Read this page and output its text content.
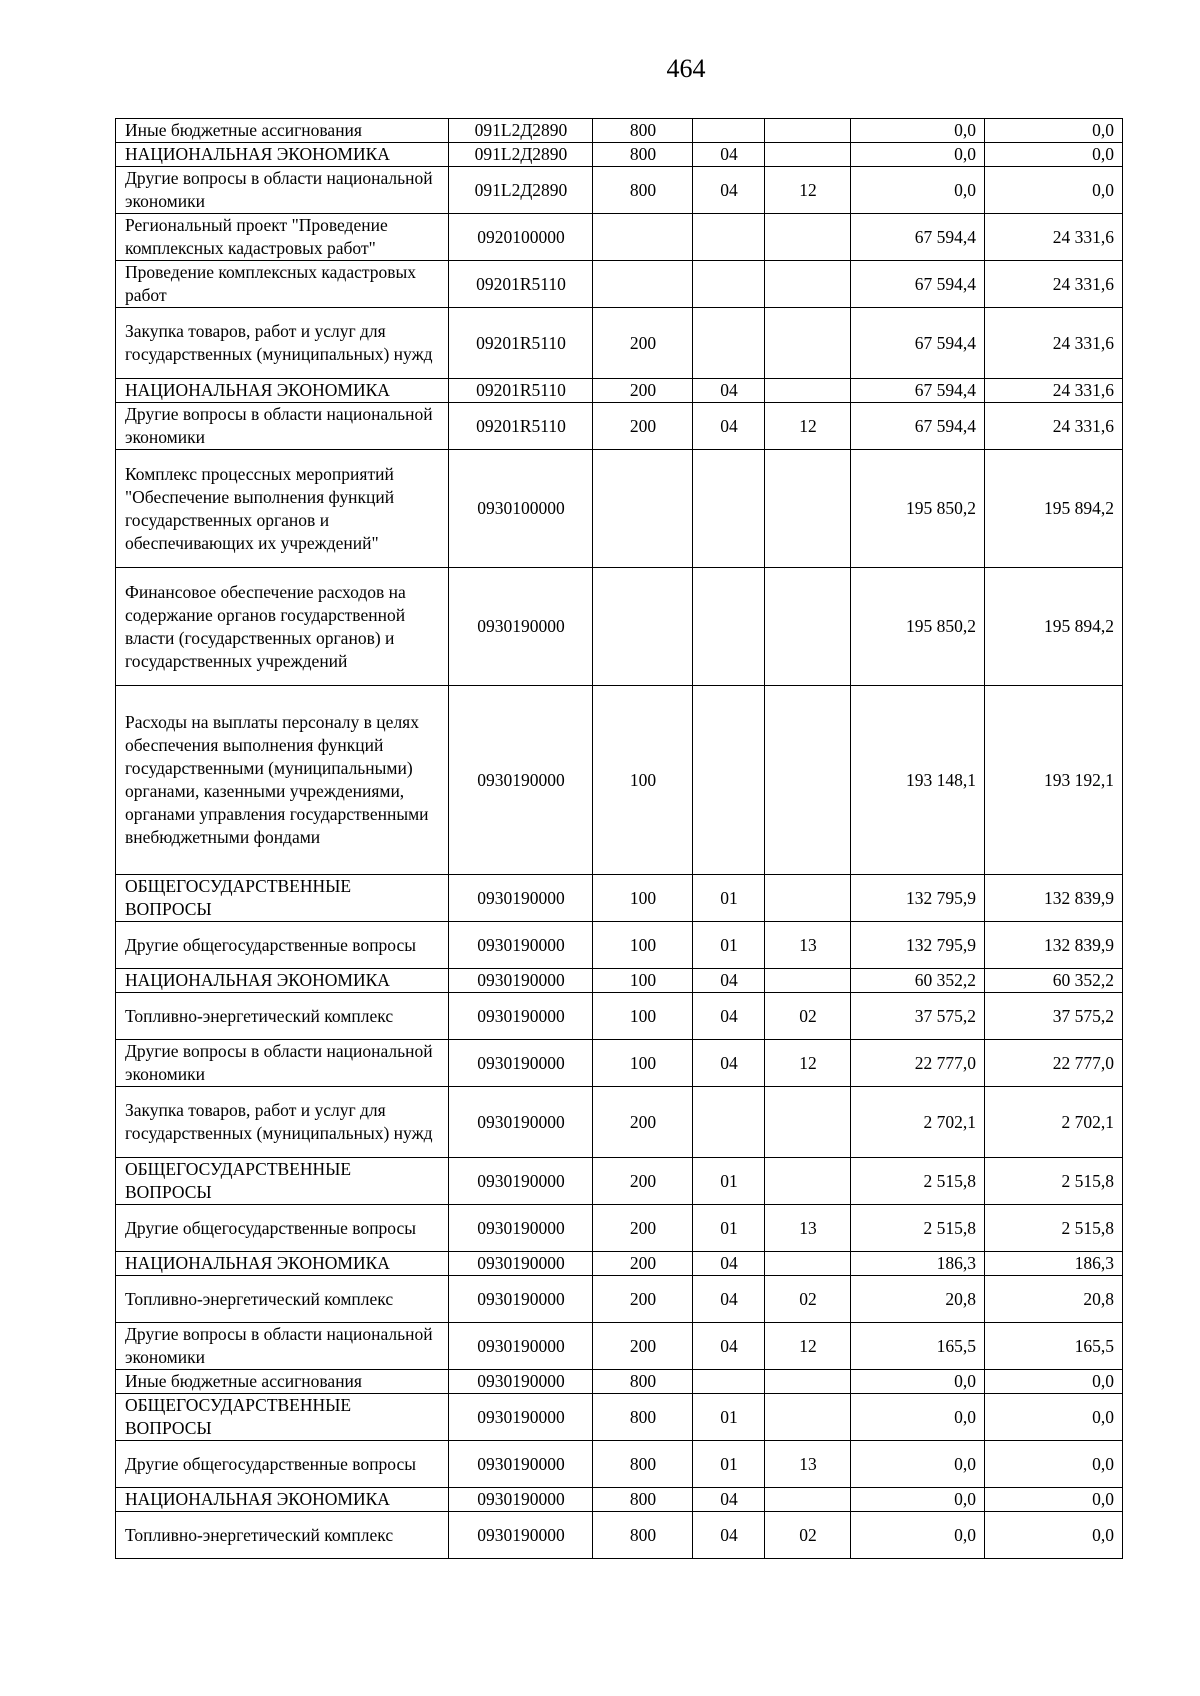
464
Иные бюджетные ассигнования	091L2Д2890	800			0,0	0,0
НАЦИОНАЛЬНАЯ ЭКОНОМИКА	091L2Д2890	800	04		0,0	0,0
Другие вопросы в области национальной экономики	091L2Д2890	800	04	12	0,0	0,0
Региональный проект "Проведение комплексных кадастровых работ"	0920100000				67 594,4	24 331,6
Проведение комплексных кадастровых работ	09201R5110				67 594,4	24 331,6
Закупка товаров, работ и услуг для государственных (муниципальных) нужд	09201R5110	200			67 594,4	24 331,6
НАЦИОНАЛЬНАЯ ЭКОНОМИКА	09201R5110	200	04		67 594,4	24 331,6
Другие вопросы в области национальной экономики	09201R5110	200	04	12	67 594,4	24 331,6
Комплекс процессных мероприятий "Обеспечение выполнения функций государственных органов и обеспечивающих их учреждений"	0930100000				195 850,2	195 894,2
Финансовое обеспечение расходов на содержание органов государственной власти (государственных органов) и государственных учреждений	0930190000				195 850,2	195 894,2
Расходы на выплаты персоналу в целях обеспечения выполнения функций государственными (муниципальными) органами, казенными учреждениями, органами управления государственными внебюджетными фондами	0930190000	100			193 148,1	193 192,1
ОБЩЕГОСУДАРСТВЕННЫЕ ВОПРОСЫ	0930190000	100	01		132 795,9	132 839,9
Другие общегосударственные вопросы	0930190000	100	01	13	132 795,9	132 839,9
НАЦИОНАЛЬНАЯ ЭКОНОМИКА	0930190000	100	04		60 352,2	60 352,2
Топливно-энергетический комплекс	0930190000	100	04	02	37 575,2	37 575,2
Другие вопросы в области национальной экономики	0930190000	100	04	12	22 777,0	22 777,0
Закупка товаров, работ и услуг для государственных (муниципальных) нужд	0930190000	200			2 702,1	2 702,1
ОБЩЕГОСУДАРСТВЕННЫЕ ВОПРОСЫ	0930190000	200	01		2 515,8	2 515,8
Другие общегосударственные вопросы	0930190000	200	01	13	2 515,8	2 515,8
НАЦИОНАЛЬНАЯ ЭКОНОМИКА	0930190000	200	04		186,3	186,3
Топливно-энергетический комплекс	0930190000	200	04	02	20,8	20,8
Другие вопросы в области национальной экономики	0930190000	200	04	12	165,5	165,5
Иные бюджетные ассигнования	0930190000	800			0,0	0,0
ОБЩЕГОСУДАРСТВЕННЫЕ ВОПРОСЫ	0930190000	800	01		0,0	0,0
Другие общегосударственные вопросы	0930190000	800	01	13	0,0	0,0
НАЦИОНАЛЬНАЯ ЭКОНОМИКА	0930190000	800	04		0,0	0,0
Топливно-энергетический комплекс	0930190000	800	04	02	0,0	0,0
